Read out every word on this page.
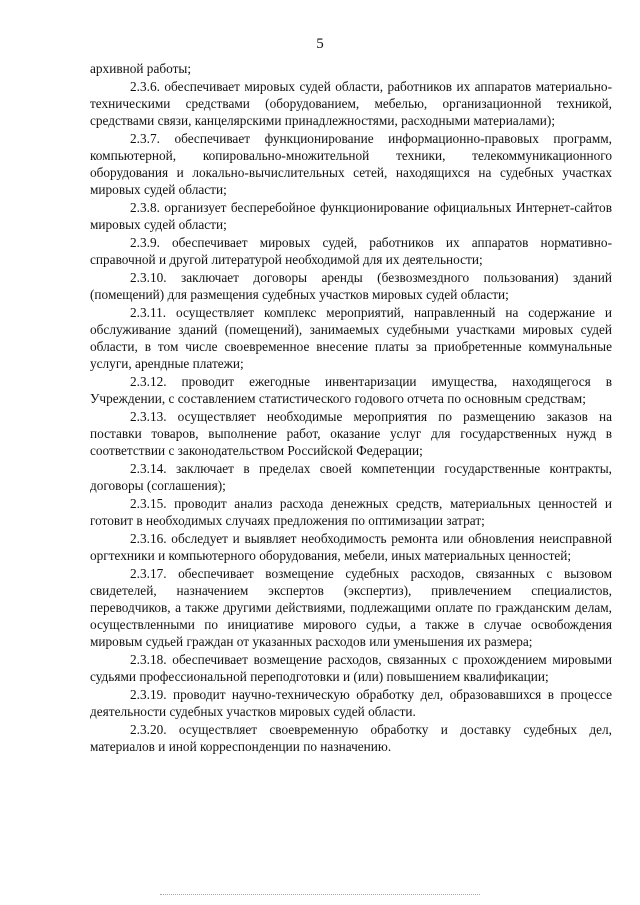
5

архивной работы;

2.3.6. обеспечивает мировых судей области, работников их аппаратов материально-техническими средствами (оборудованием, мебелью, организационной техникой, средствами связи, канцелярскими принадлежностями, расходными материалами);

2.3.7. обеспечивает функционирование информационно-правовых программ, компьютерной, копировально-множительной техники, телекоммуникационного оборудования и локально-вычислительных сетей, находящихся на судебных участках мировых судей области;

2.3.8. организует бесперебойное функционирование официальных Интернет-сайтов мировых судей области;

2.3.9. обеспечивает мировых судей, работников их аппаратов нормативно-справочной и другой литературой необходимой для их деятельности;

2.3.10. заключает договоры аренды (безвозмездного пользования) зданий (помещений) для размещения судебных участков мировых судей области;

2.3.11. осуществляет комплекс мероприятий, направленный на содержание и обслуживание зданий (помещений), занимаемых судебными участками мировых судей области, в том числе своевременное внесение платы за приобретенные коммунальные услуги, арендные платежи;

2.3.12. проводит ежегодные инвентаризации имущества, находящегося в Учреждении, с составлением статистического годового отчета по основным средствам;

2.3.13. осуществляет необходимые мероприятия по размещению заказов на поставки товаров, выполнение работ, оказание услуг для государственных нужд в соответствии с законодательством Российской Федерации;

2.3.14. заключает в пределах своей компетенции государственные контракты, договоры (соглашения);

2.3.15. проводит анализ расхода денежных средств, материальных ценностей и готовит в необходимых случаях предложения по оптимизации затрат;

2.3.16. обследует и выявляет необходимость ремонта или обновления неисправной оргтехники и компьютерного оборудования, мебели, иных материальных ценностей;

2.3.17. обеспечивает возмещение судебных расходов, связанных с вызовом свидетелей, назначением экспертов (экспертиз), привлечением специалистов, переводчиков, а также другими действиями, подлежащими оплате по гражданским делам, осуществленными по инициативе мирового судьи, а также в случае освобождения мировым судьей граждан от указанных расходов или уменьшения их размера;

2.3.18. обеспечивает возмещение расходов, связанных с прохождением мировыми судьями профессиональной переподготовки и (или) повышением квалификации;

2.3.19. проводит научно-техническую обработку дел, образовавшихся в процессе деятельности судебных участков мировых судей области.

2.3.20. осуществляет своевременную обработку и доставку судебных дел, материалов и иной корреспонденции по назначению.
